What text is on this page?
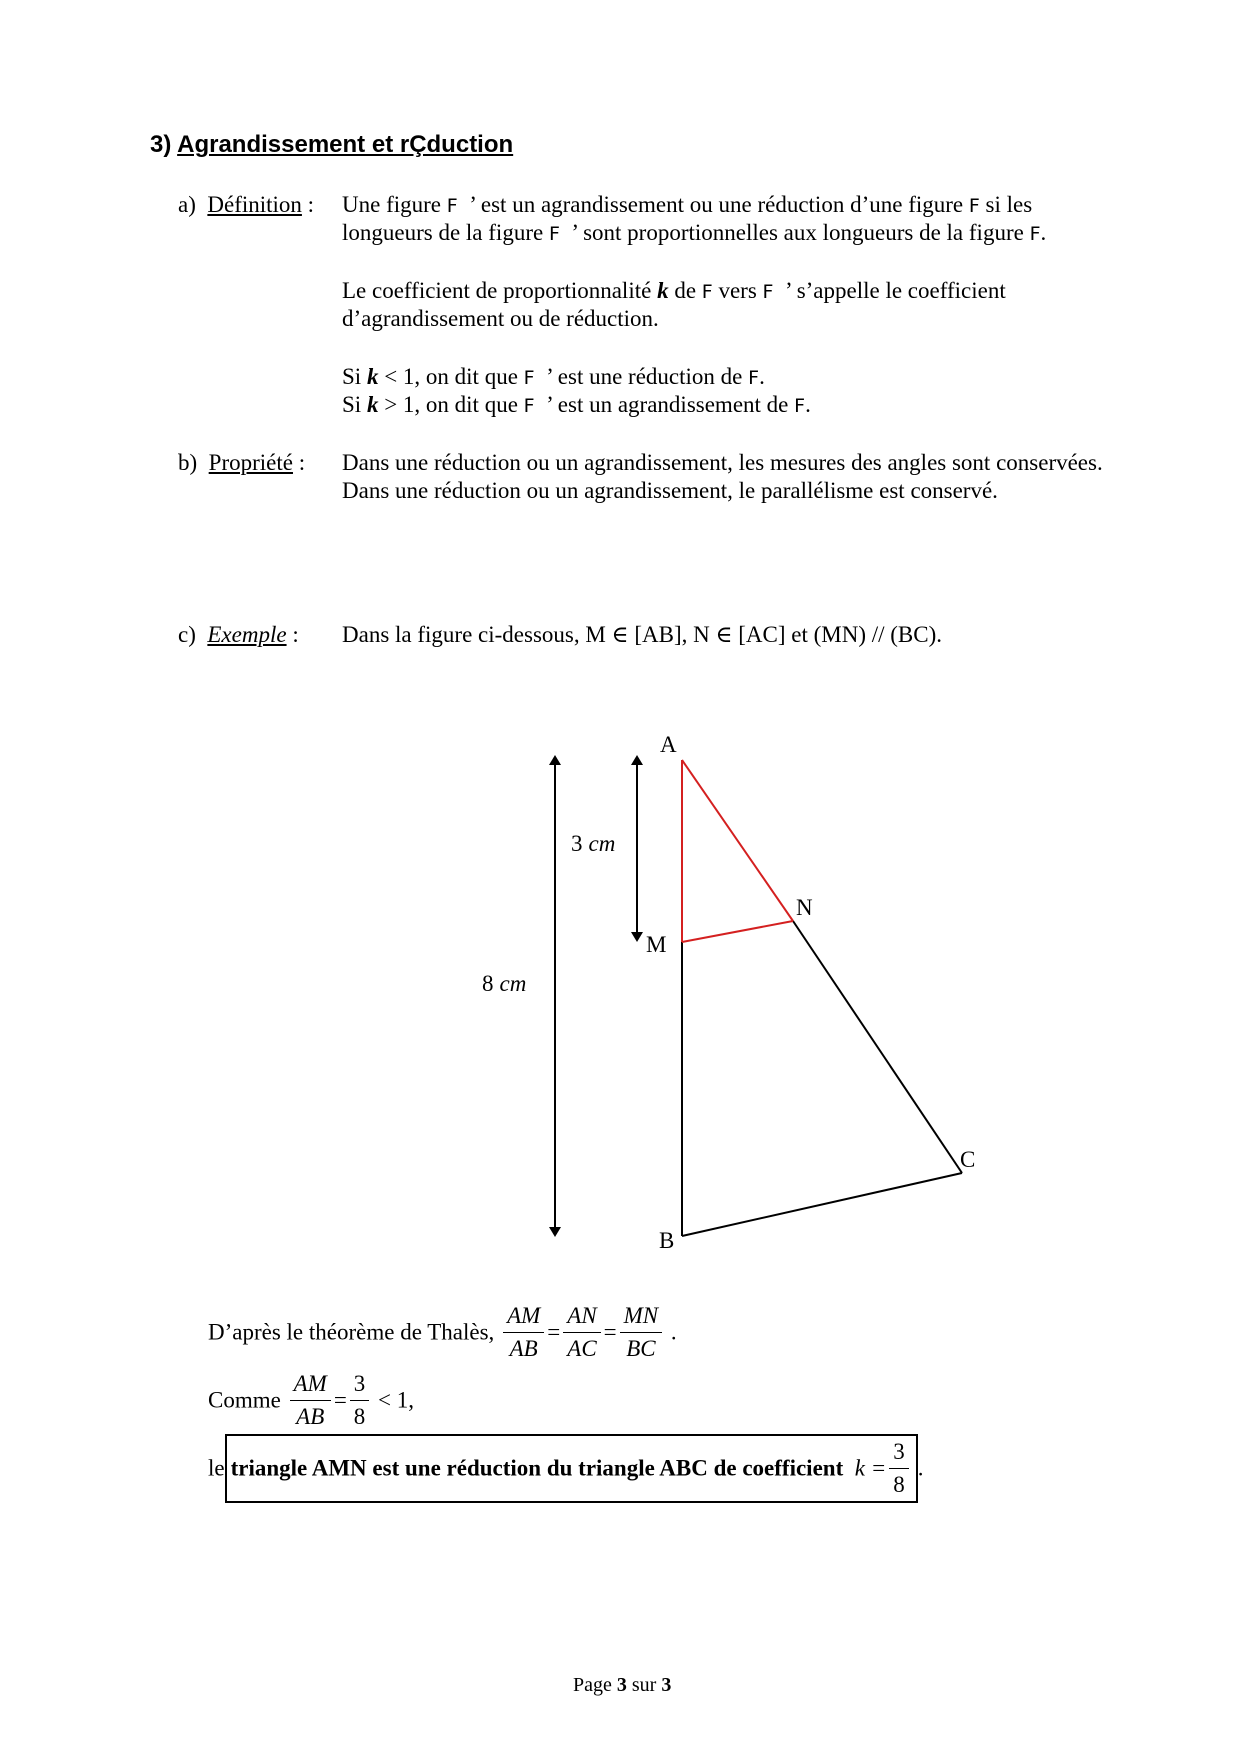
3) Agrandissement et rÇduction
a) Définition : Une figure F ’ est un agrandissement ou une réduction d’une figure F si les
longueurs de la figure F ’ sont proportionnelles aux longueurs de la figure F.
Le coefficient de proportionnalité k de F vers F ’ s’appelle le coefficient
d’agrandissement ou de réduction.
Si k < 1, on dit que F ’ est une réduction de F.
Si k > 1, on dit que F ’ est un agrandissement de F.
b) Propriété : Dans une réduction ou un agrandissement, les mesures des angles sont conservées.
Dans une réduction ou un agrandissement, le parallélisme est conservé.
c) Exemple : Dans la figure ci-dessous, M ∈ [AB], N ∈ [AC] et (MN) // (BC).
A
B
C
M
N
3 cm
8 cm
D’après le théorème de Thalès, $\frac{AM}{AB} = \frac{AN}{AC} = \frac{MN}{BC}$ .
Comme $\frac{AM}{AB} = \frac{3}{8} < 1$,
le triangle AMN est une réduction du triangle ABC de coefficient $k = \frac{3}{8}$ .
Page 3 sur 3
